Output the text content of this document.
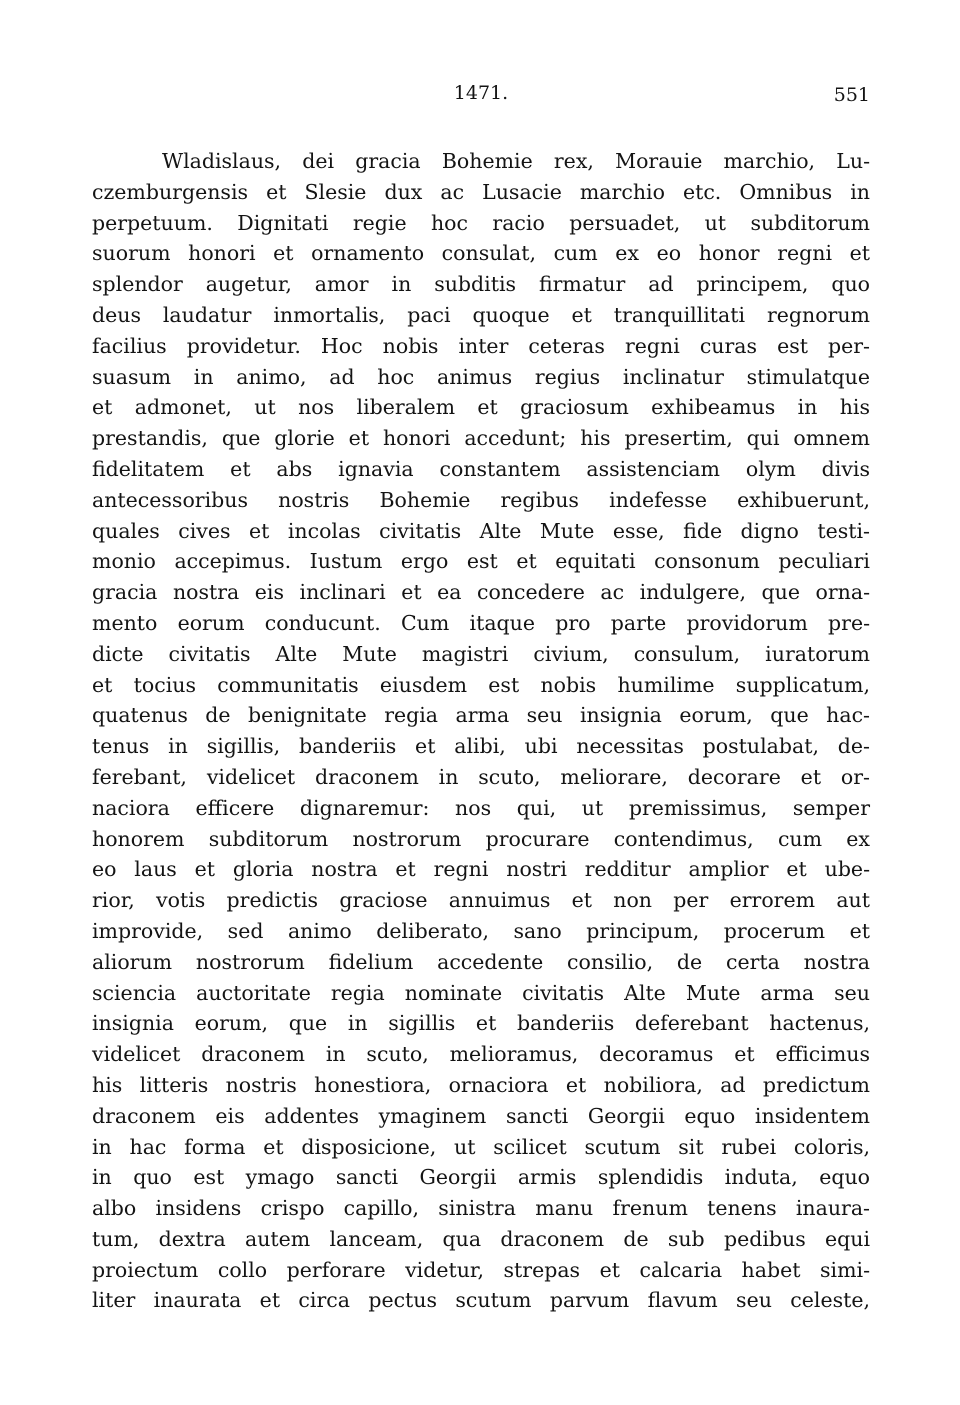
1471.	551
Wladislaus, dei gracia Bohemie rex, Morauie marchio, Lu-
czemburgensis et Slesie dux ac Lusacie marchio etc. Omnibus in
perpetuum. Dignitati regie hoc racio persuadet, ut subditorum
suorum honori et ornamento consulat, cum ex eo honor regni et
splendor augetur, amor in subditis firmatur ad principem, quo
deus laudatur inmortalis, paci quoque et tranquillitati regnorum
facilius providetur. Hoc nobis inter ceteras regni curas est per-
suasum in animo, ad hoc animus regius inclinatur stimulatque
et admonet, ut nos liberalem et graciosum exhibeamus in his
prestandis, que glorie et honori accedunt; his presertim, qui omnem
fidelitatem et abs ignavia constantem assistenciam olym divis
antecessoribus nostris Bohemie regibus indefesse exhibuerunt,
quales cives et incolas civitatis Alte Mute esse, fide digno testi-
monio accepimus. Iustum ergo est et equitati consonum peculiari
gracia nostra eis inclinari et ea concedere ac indulgere, que orna-
mento eorum conducunt. Cum itaque pro parte providorum pre-
dicte civitatis Alte Mute magistri civium, consulum, iuratorum
et tocius communitatis eiusdem est nobis humilime supplicatum,
quatenus de benignitate regia arma seu insignia eorum, que hac-
tenus in sigillis, banderiis et alibi, ubi necessitas postulabat, de-
ferebant, videlicet draconem in scuto, meliorare, decorare et or-
naciora efficere dignaremur: nos qui, ut premissimus, semper
honorem subditorum nostrorum procurare contendimus, cum ex
eo laus et gloria nostra et regni nostri redditur amplior et ube-
rior, votis predictis graciose annuimus et non per errorem aut
improvide, sed animo deliberato, sano principum, procerum et
aliorum nostrorum fidelium accedente consilio, de certa nostra
sciencia auctoritate regia nominate civitatis Alte Mute arma seu
insignia eorum, que in sigillis et banderiis deferebant hactenus,
videlicet draconem in scuto, melioramus, decoramus et efficimus
his litteris nostris honestiora, ornaciora et nobiliora, ad predictum
draconem eis addentes ymaginem sancti Georgii equo insidentem
in hac forma et disposicione, ut scilicet scutum sit rubei coloris,
in quo est ymago sancti Georgii armis splendidis induta, equo
albo insidens crispo capillo, sinistra manu frenum tenens inaura-
tum, dextra autem lanceam, qua draconem de sub pedibus equi
proiectum collo perforare videtur, strepas et calcaria habet simi-
liter inaurata et circa pectus scutum parvum flavum seu celeste,
